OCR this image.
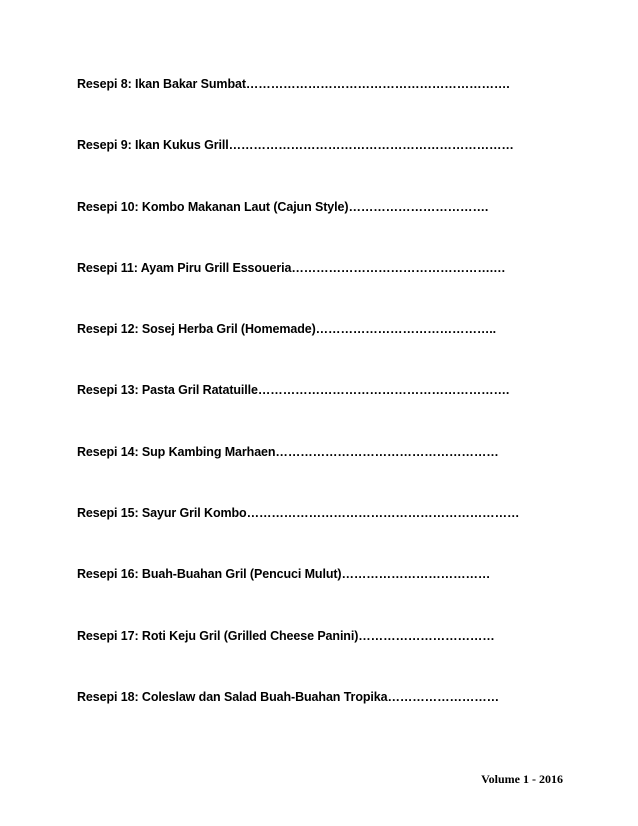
Resepi 8: Ikan Bakar Sumbat……………………………………………………….
Resepi 9: Ikan Kukus Grill……………………………………………………………
Resepi 10: Kombo Makanan Laut (Cajun Style)…………………………….
Resepi 11: Ayam Piru Grill Essoueria………………………………………….…
Resepi 12: Sosej Herba Gril (Homemade)……………………………………..
Resepi 13: Pasta Gril Ratatuille…………………………………………………….
Resepi 14: Sup Kambing Marhaen………………………………………………
Resepi 15: Sayur Gril Kombo…………………………………………………………
Resepi 16: Buah-Buahan Gril (Pencuci Mulut)………………………………
Resepi 17: Roti Keju Gril (Grilled Cheese Panini)……………………………
Resepi 18: Coleslaw dan Salad Buah-Buahan Tropika………………………
Volume 1 - 2016
